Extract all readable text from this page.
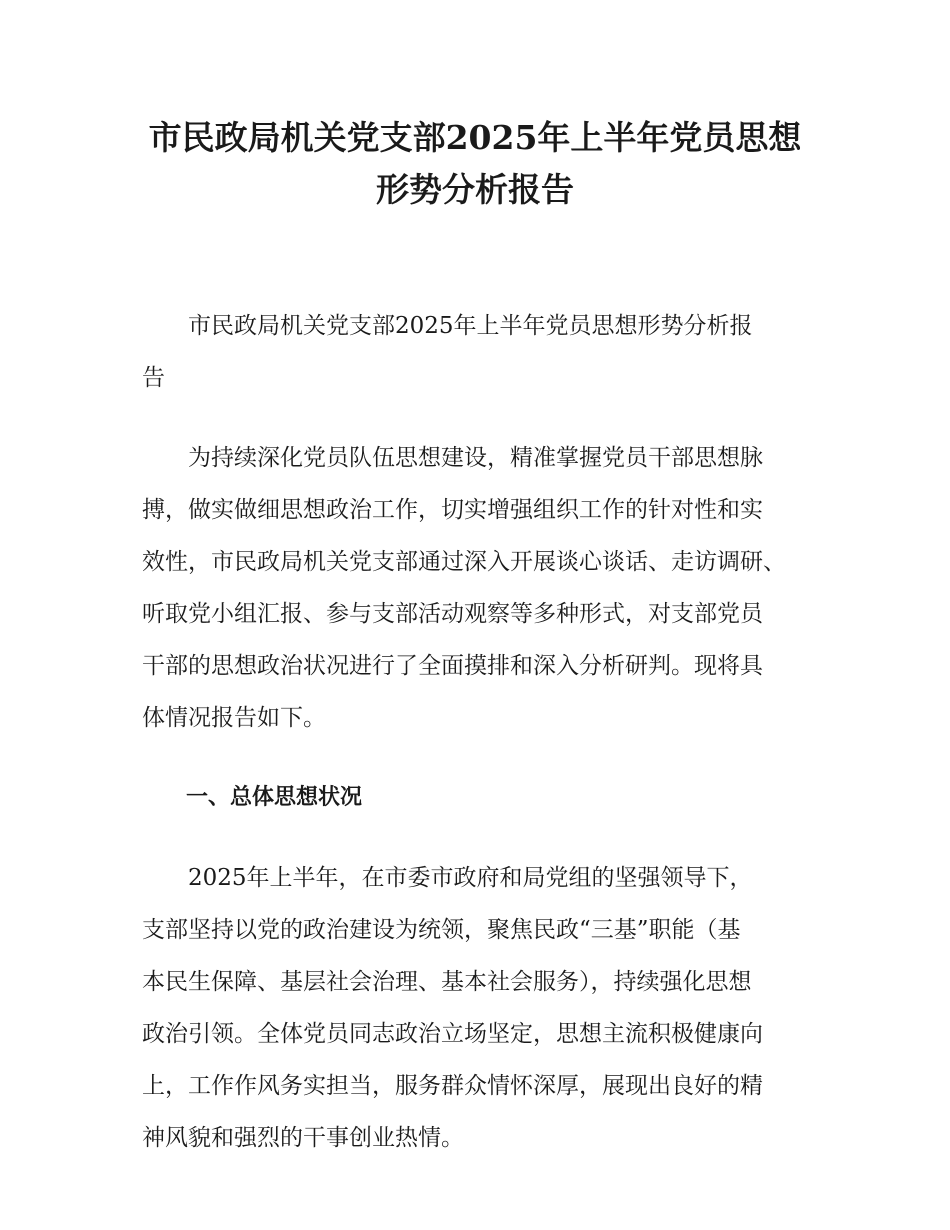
市民政局机关党支部2025年上半年党员思想
形势分析报告

市民政局机关党支部2025年上半年党员思想形势分析报
告

为持续深化党员队伍思想建设，精准掌握党员干部思想脉
搏，做实做细思想政治工作，切实增强组织工作的针对性和实
效性，市民政局机关党支部通过深入开展谈心谈话、走访调研、
听取党小组汇报、参与支部活动观察等多种形式，对支部党员
干部的思想政治状况进行了全面摸排和深入分析研判。现将具
体情况报告如下。

一、总体思想状况

2025年上半年，在市委市政府和局党组的坚强领导下，
支部坚持以党的政治建设为统领，聚焦民政“三基”职能（基
本民生保障、基层社会治理、基本社会服务），持续强化思想
政治引领。全体党员同志政治立场坚定，思想主流积极健康向
上，工作作风务实担当，服务群众情怀深厚，展现出良好的精
神风貌和强烈的干事创业热情。
